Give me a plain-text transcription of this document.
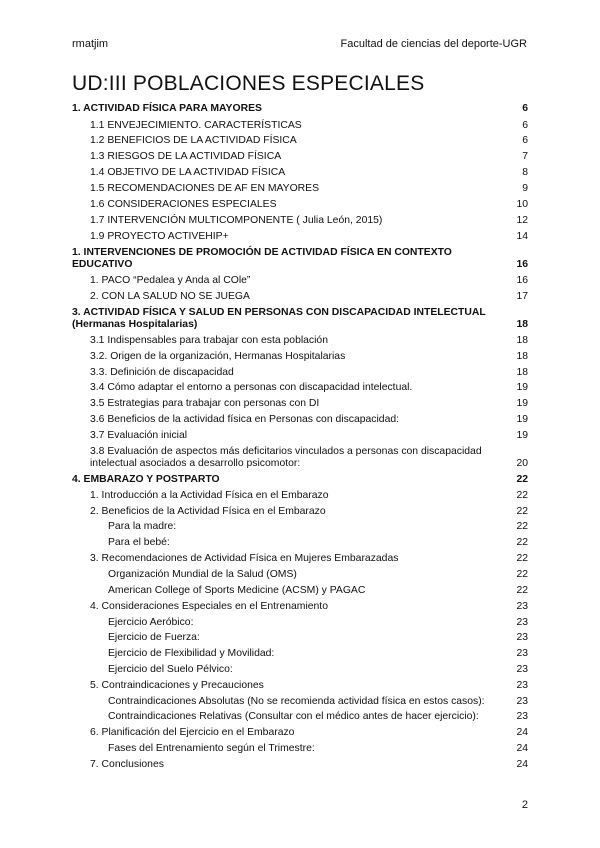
rmatjim	Facultad de ciencias del deporte-UGR
UD:III POBLACIONES ESPECIALES
1. ACTIVIDAD FÍSICA PARA MAYORES	6
1.1 ENVEJECIMIENTO. CARACTERÍSTICAS	6
1.2 BENEFICIOS DE LA ACTIVIDAD FÍSICA	6
1.3 RIESGOS DE LA ACTIVIDAD FÍSICA	7
1.4 OBJETIVO DE LA ACTIVIDAD FÍSICA	8
1.5 RECOMENDACIONES DE AF EN MAYORES	9
1.6 CONSIDERACIONES ESPECIALES	10
1.7 INTERVENCIÓN MULTICOMPONENTE ( Julia León, 2015)	12
1.9 PROYECTO ACTIVEHIP+	14
1. INTERVENCIONES DE PROMOCIÓN DE ACTIVIDAD FÍSICA EN CONTEXTO EDUCATIVO	16
1. PACO “Pedalea y Anda al COle”	16
2. CON LA SALUD NO SE JUEGA	17
3. ACTIVIDAD FÍSICA Y SALUD EN PERSONAS CON DISCAPACIDAD INTELECTUAL (Hermanas Hospitalarias)	18
3.1 Indispensables para trabajar con esta población	18
3.2. Origen de la organización, Hermanas Hospitalarias	18
3.3. Definición de discapacidad	18
3.4 Cómo adaptar el entorno a personas con discapacidad intelectual.	19
3.5 Estrategias para trabajar con personas con DI	19
3.6 Beneficios de la actividad física en Personas con discapacidad:	19
3.7 Evaluación inicial	19
3.8 Evaluación de aspectos más deficitarios vinculados a personas con discapacidad intelectual asociados a desarrollo psicomotor:	20
4. EMBARAZO Y POSTPARTO	22
1. Introducción a la Actividad Física en el Embarazo	22
2. Beneficios de la Actividad Física en el Embarazo	22
Para la madre:	22
Para el bebé:	22
3. Recomendaciones de Actividad Física en Mujeres Embarazadas	22
Organización Mundial de la Salud (OMS)	22
American College of Sports Medicine (ACSM) y PAGAC	22
4. Consideraciones Especiales en el Entrenamiento	23
Ejercicio Aeróbico:	23
Ejercicio de Fuerza:	23
Ejercicio de Flexibilidad y Movilidad:	23
Ejercicio del Suelo Pélvico:	23
5. Contraindicaciones y Precauciones	23
Contraindicaciones Absolutas (No se recomienda actividad física en estos casos):	23
Contraindicaciones Relativas (Consultar con el médico antes de hacer ejercicio):	23
6. Planificación del Ejercicio en el Embarazo	24
Fases del Entrenamiento según el Trimestre:	24
7. Conclusiones	24
2
